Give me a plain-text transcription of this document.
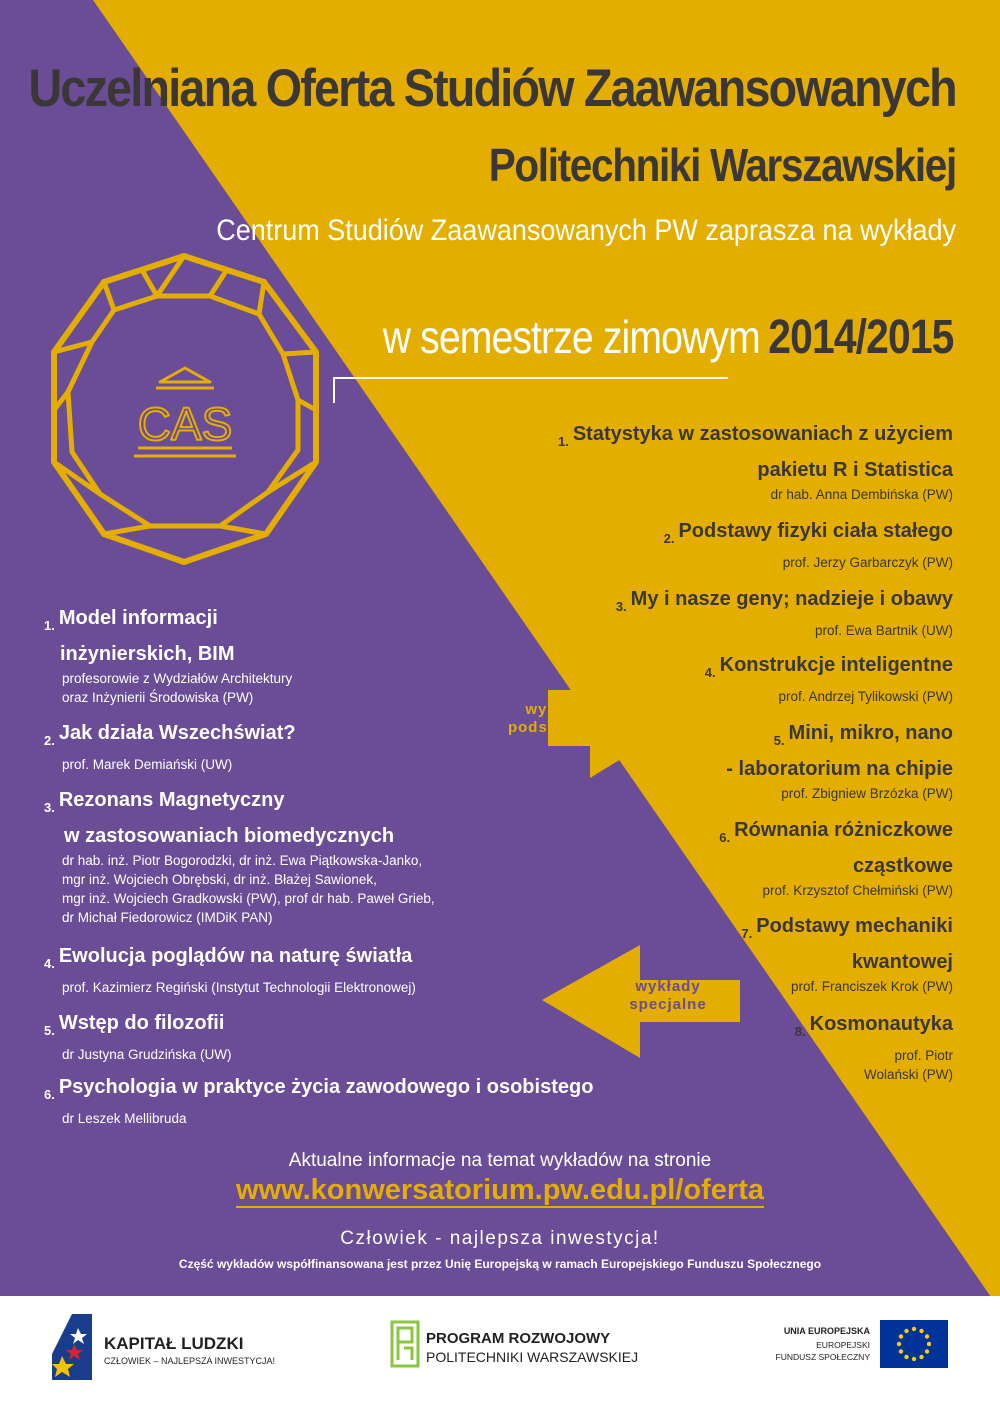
CAS
Uczelniana Oferta Studiów Zaawansowanych
Politechniki Warszawskiej
Centrum Studiów Zaawansowanych PW zaprasza na wykłady
w semestrze zimowym 2014/2015
$_{1.}$ Statystyka w zastosowaniach z użyciem
pakietu R i Statistica
dr hab. Anna Dembińska (PW)
$_{2.}$ Podstawy fizyki ciała stałego
prof. Jerzy Garbarczyk (PW)
$_{3.}$ My i nasze geny; nadzieje i obawy
prof. Ewa Bartnik (UW)
$_{4.}$ Konstrukcje inteligentne
prof. Andrzej Tylikowski (PW)
$_{5.}$ Mini, mikro, nano
- laboratorium na chipie
prof. Zbigniew Brzózka (PW)
$_{6.}$ Równania różniczkowe
cząstkowe
prof. Krzysztof Chełmiński (PW)
$_{7.}$ Podstawy mechaniki
kwantowej
prof. Franciszek Krok (PW)
$_{8.}$ Kosmonautyka
prof. Piotr
Wolański (PW)
$_{1.}$ Model informacji
inżynierskich, BIM
profesorowie z Wydziałów Architektury
oraz Inżynierii Środowiska (PW)
$_{2.}$ Jak działa Wszechświat?
prof. Marek Demiański (UW)
$_{3.}$ Rezonans Magnetyczny
w zastosowaniach biomedycznych
dr hab. inż. Piotr Bogorodzki, dr inż. Ewa Piątkowska-Janko,
mgr inż. Wojciech Obrębski, dr inż. Błażej Sawionek,
mgr inż. Wojciech Gradkowski (PW), prof dr hab. Paweł Grieb,
dr Michał Fiedorowicz (IMDiK PAN)
$_{4.}$ Ewolucja poglądów na naturę światła
prof. Kazimierz Regiński (Instytut Technologii Elektronowej)
$_{5.}$ Wstęp do filozofii
dr Justyna Grudzińska (UW)
$_{6.}$ Psychologia w praktyce życia zawodowego i osobistego
dr Leszek Mellibruda
wykłady
podstawowe
wykłady
specjalne
Aktualne informacje na temat wykładów na stronie
www.konwersatorium.pw.edu.pl/oferta
Człowiek - najlepsza inwestycja!
Część wykładów współfinansowana jest przez Unię Europejską w ramach Europejskiego Funduszu Społecznego
KAPITAŁ LUDZKI
CZŁOWIEK – NAJLEPSZA INWESTYCJA!
PROGRAM ROZWOJOWY
POLITECHNIKI WARSZAWSKIEJ
UNIA EUROPEJSKA
EUROPEJSKI
FUNDUSZ SPOŁECZNY
